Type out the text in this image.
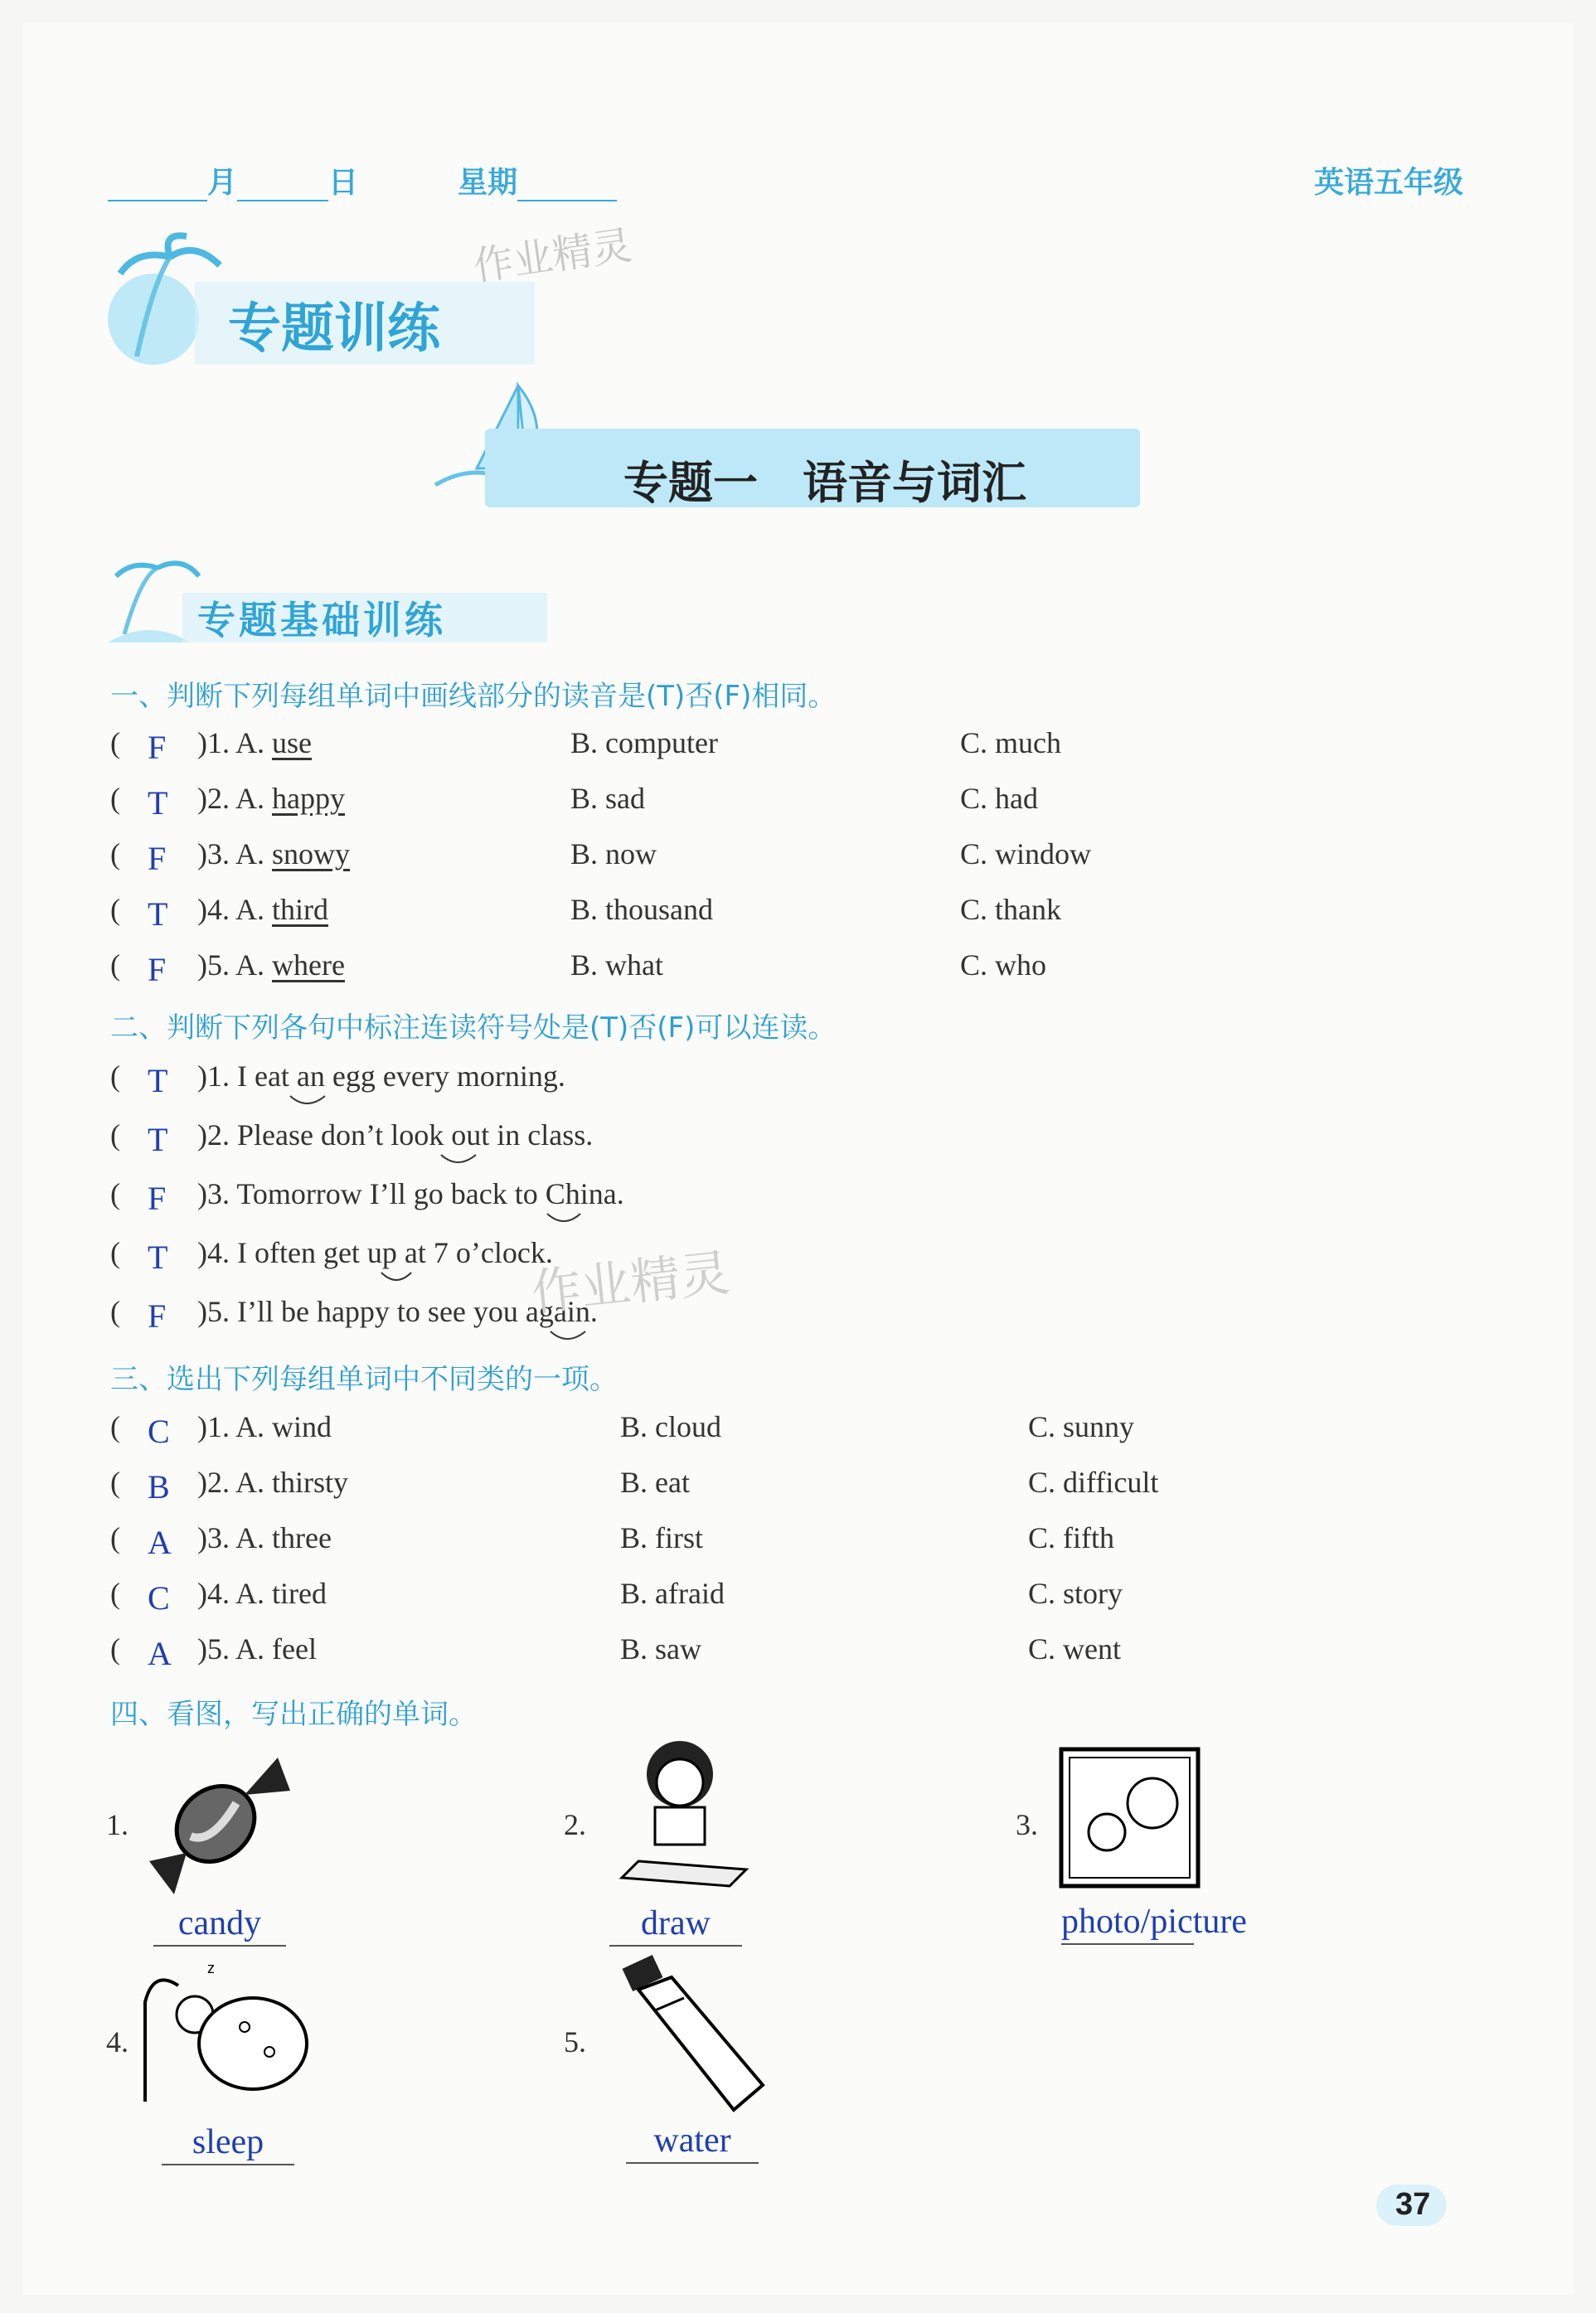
月	日	星期	英语五年级
专题训练
作业精灵
专题一　语音与词汇
专题基础训练
一、判断下列每组单词中画线部分的读音是(T)否(F)相同。
( F )1. A. use	B. computer	C. much
( T )2. A. happy	B. sad	C. had
( F )3. A. snowy	B. now	C. window
( T )4. A. third	B. thousand	C. thank
( F )5. A. where	B. what	C. who
二、判断下列各句中标注连读符号处是(T)否(F)可以连读。
( T )1. I eat an egg every morning.
( T )2. Please don’t look out in class.
( F )3. Tomorrow I’ll go back to China.
( T )4. I often get up at 7 o’clock.
( F )5. I’ll be happy to see you again.
作业精灵
三、选出下列每组单词中不同类的一项。
( C )1. A. wind	B. cloud	C. sunny
( B )2. A. thirsty	B. eat	C. difficult
( A )3. A. three	B. first	C. fifth
( C )4. A. tired	B. afraid	C. story
( A )5. A. feel	B. saw	C. went
四、看图，写出正确的单词。
1.
candy
2.
draw
3.
photo/picture
4.
z
sleep
5.
water
37
